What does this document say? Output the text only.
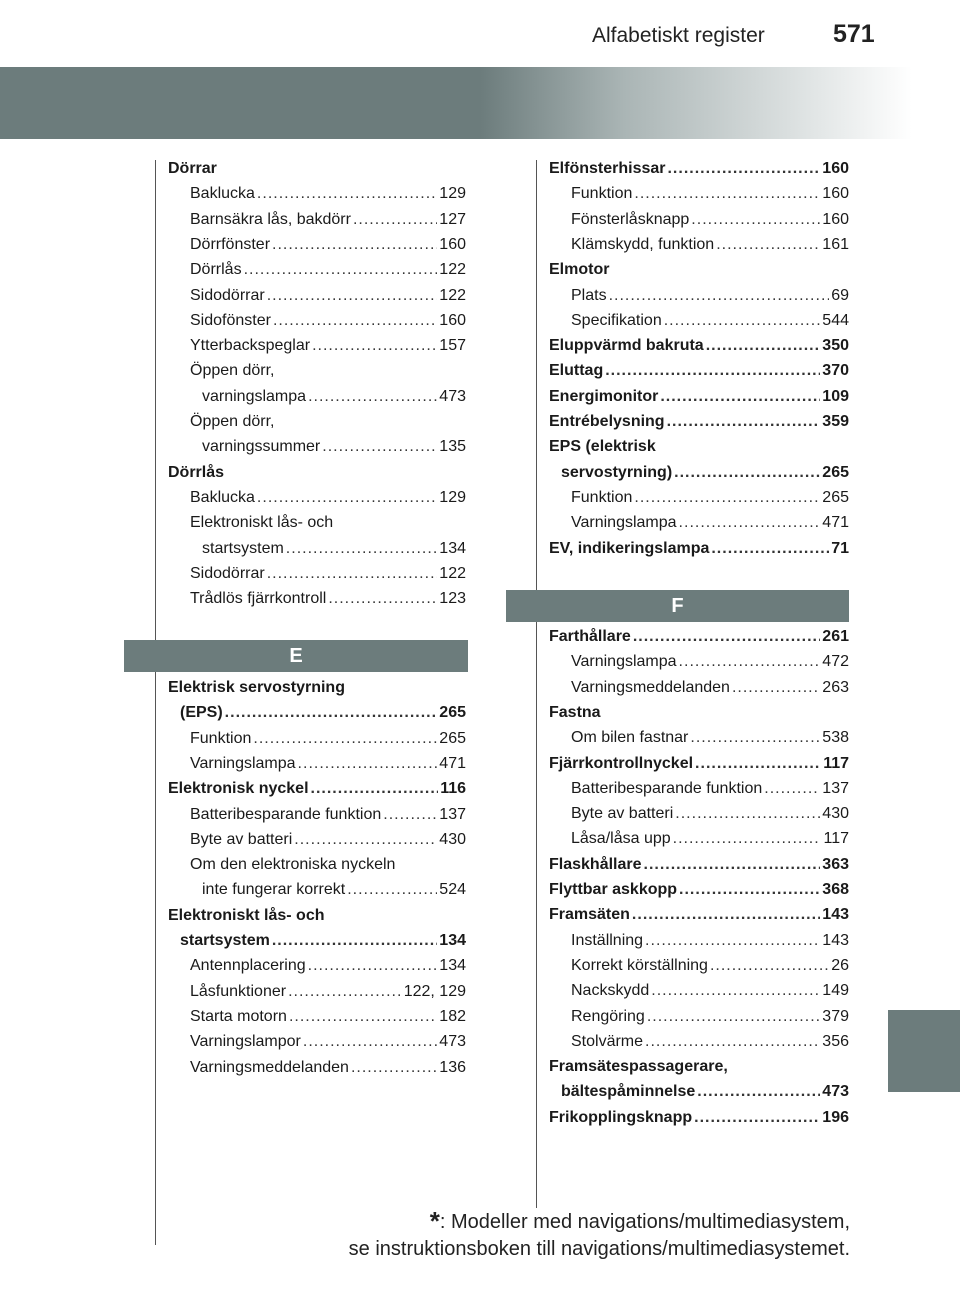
Alfabetiskt register	571
E
F
Dörrar
Baklucka .....	129
Barnsäkra lås, bakdörr .....	127
Dörrfönster .....	160
Dörrlås .....	122
Sidodörrar .....	122
Sidofönster .....	160
Ytterbackspeglar .....	157
Öppen dörr,
varningslampa .....	473
Öppen dörr,
varningssummer .....	135
Dörrlås
Baklucka .....	129
Elektroniskt lås- och
startsystem .....	134
Sidodörrar .....	122
Trådlös fjärrkontroll .....	123
Elektrisk servostyrning
(EPS) .....	265
Funktion .....	265
Varningslampa .....	471
Elektronisk nyckel .....	116
Batteribesparande funktion .....	137
Byte av batteri .....	430
Om den elektroniska nyckeln
inte fungerar korrekt .....	524
Elektroniskt lås- och
startsystem .....	134
Antennplacering .....	134
Låsfunktioner .....	122, 129
Starta motorn .....	182
Varningslampor .....	473
Varningsmeddelanden .....	136
Elfönsterhissar .....	160
Funktion .....	160
Fönsterlåsknapp .....	160
Klämskydd, funktion .....	161
Elmotor
Plats .....	69
Specifikation .....	544
Eluppvärmd bakruta .....	350
Eluttag .....	370
Energimonitor .....	109
Entrébelysning .....	359
EPS (elektrisk
servostyrning) .....	265
Funktion .....	265
Varningslampa .....	471
EV, indikeringslampa .....	71
Farthållare .....	261
Varningslampa .....	472
Varningsmeddelanden .....	263
Fastna
Om bilen fastnar .....	538
Fjärrkontrollnyckel .....	117
Batteribesparande funktion .....	137
Byte av batteri .....	430
Låsa/låsa upp .....	117
Flaskhållare .....	363
Flyttbar askkopp .....	368
Framsäten .....	143
Inställning .....	143
Korrekt körställning .....	26
Nackskydd .....	149
Rengöring .....	379
Stolvärme .....	356
Framsätespassagerare,
bältespåminnelse .....	473
Frikopplingsknapp .....	196
*: Modeller med navigations/multimediasystem,
se instruktionsboken till navigations/multimediasystemet.
